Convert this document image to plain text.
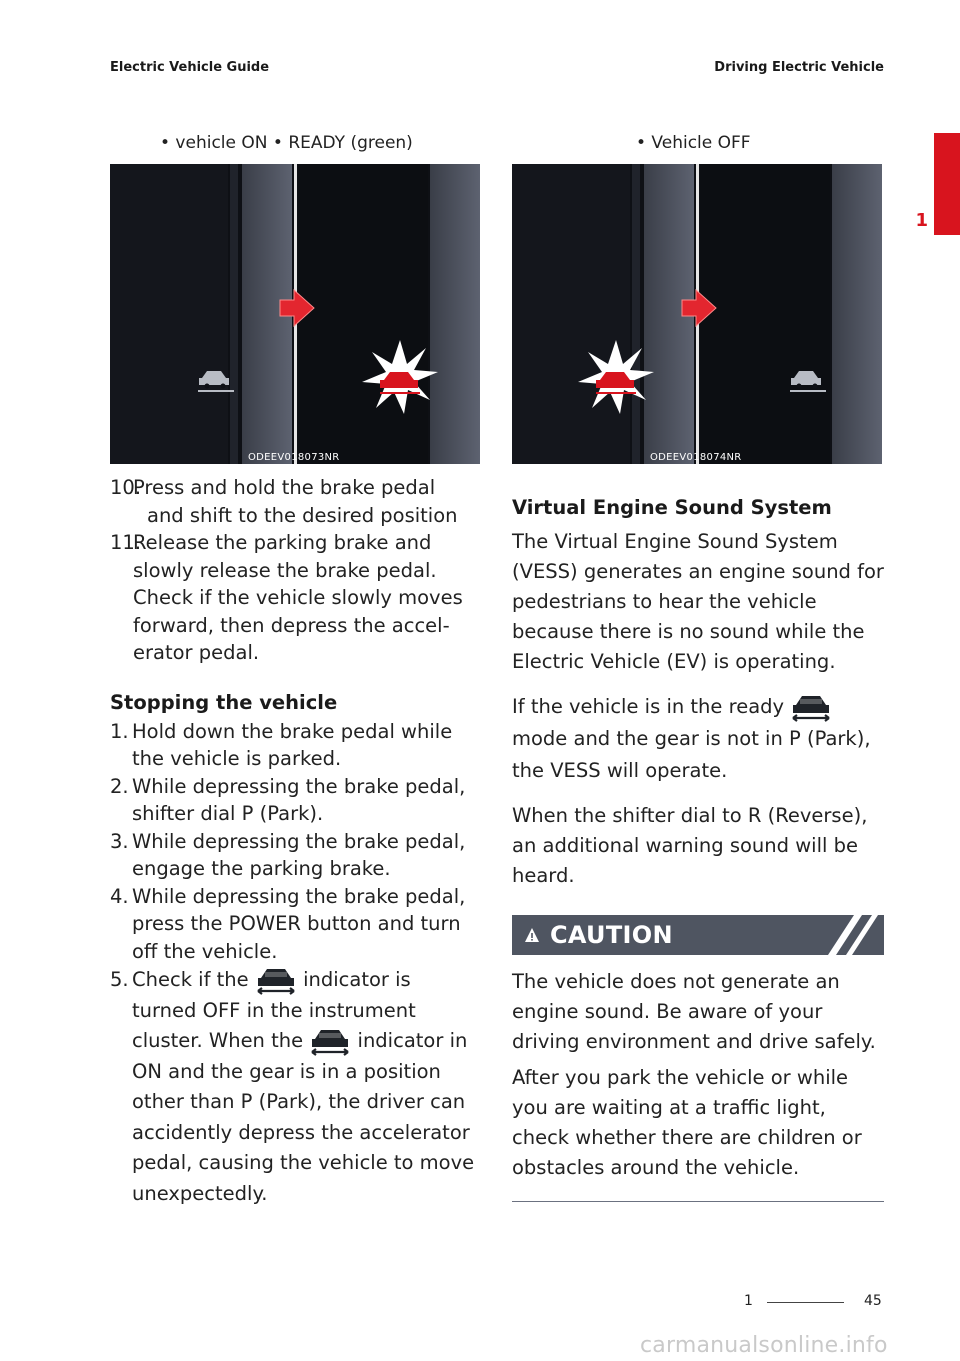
Electric Vehicle Guide	Driving Electric Vehicle
1
• vehicle ON • READY (green)	• Vehicle OFF
ODEEV018073NR	ODEEV018074NR
10.
Press and hold the brake pedal and shift to the desired position
11.
Release the parking brake and slowly release the brake pedal. Check if the vehicle slowly moves forward, then depress the accel-erator pedal.
Stopping the vehicle
1. Hold down the brake pedal while the vehicle is parked.
2. While depressing the brake pedal, shifter dial P (Park).
3. While depressing the brake pedal, engage the parking brake.
4. While depressing the brake pedal, press the POWER button and turn off the vehicle.
5. Check if the	indicator is turned OFF in the instrument cluster. When the	indicator in ON and the gear is in a position other than P (Park), the driver can accidently depress the accelerator pedal, causing the vehicle to move unexpectedly.
Virtual Engine Sound System

The Virtual Engine Sound System (VESS) generates an engine sound for pedestrians to hear the vehicle because there is no sound while the Electric Vehicle (EV) is operating.

If the vehicle is in the ready  mode and the gear is not in P (Park), the VESS will operate.

When the shifter dial to R (Reverse), an additional warning sound will be heard.

CAUTION

The vehicle does not generate an engine sound. Be aware of your driving environment and drive safely.

After you park the vehicle or while you are waiting at a traffic light, check whether there are children or obstacles around the vehicle.

1	45
carmanualsonline.info
